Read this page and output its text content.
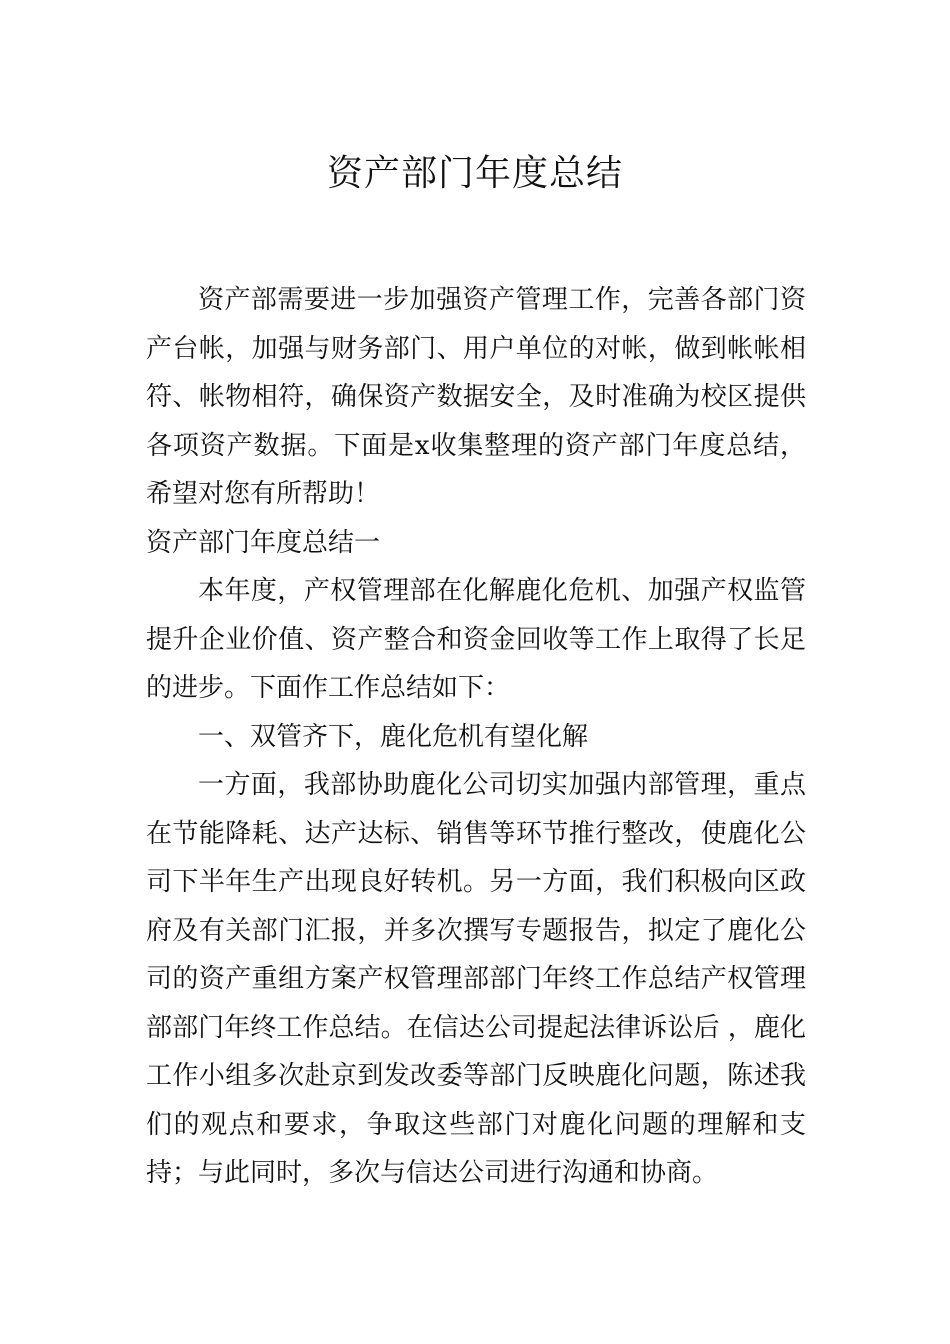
资产部门年度总结

资产部需要进一步加强资产管理工作，完善各部门资产台帐，加强与财务部门、用户单位的对帐，做到帐帐相符、帐物相符，确保资产数据安全，及时准确为校区提供各项资产数据。下面是x收集整理的资产部门年度总结，希望对您有所帮助！

资产部门年度总结一

本年度，产权管理部在化解鹿化危机、加强产权监管提升企业价值、资产整合和资金回收等工作上取得了长足的进步。下面作工作总结如下：

一、双管齐下，鹿化危机有望化解

一方面，我部协助鹿化公司切实加强内部管理，重点在节能降耗、达产达标、销售等环节推行整改，使鹿化公司下半年生产出现良好转机。另一方面，我们积极向区政府及有关部门汇报，并多次撰写专题报告，拟定了鹿化公司的资产重组方案产权管理部部门年终工作总结产权管理部部门年终工作总结。在信达公司提起法律诉讼后 ，鹿化工作小组多次赴京到发改委等部门反映鹿化问题，陈述我们的观点和要求，争取这些部门对鹿化问题的理解和支持；与此同时，多次与信达公司进行沟通和协商。
